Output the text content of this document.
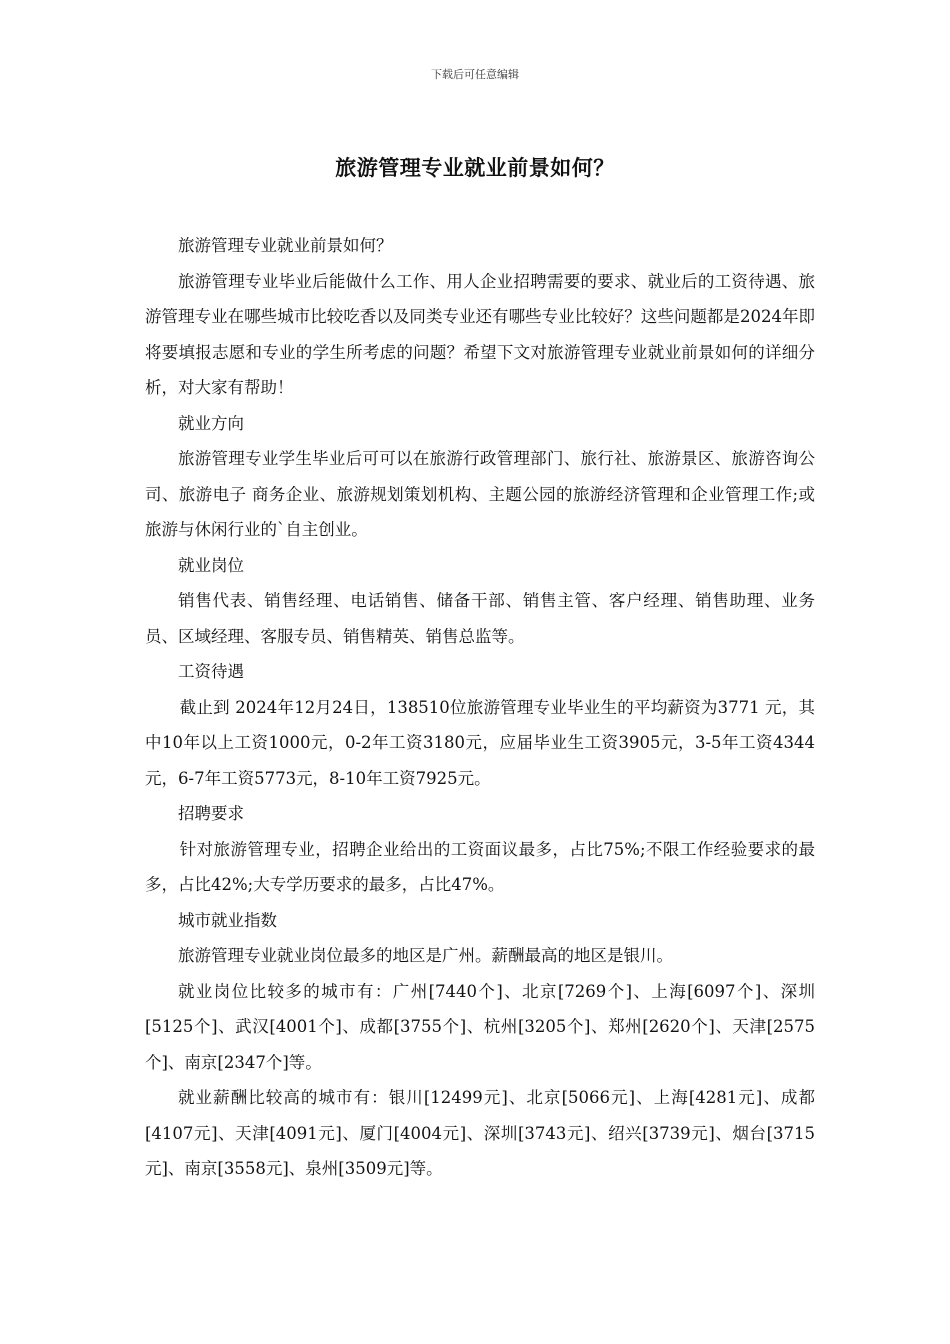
下载后可任意编辑
旅游管理专业就业前景如何？

旅游管理专业就业前景如何？

旅游管理专业毕业后能做什么工作、用人企业招聘需要的要求、就业后的工资待遇、旅游管理专业在哪些城市比较吃香以及同类专业还有哪些专业比较好？这些问题都是2024年即将要填报志愿和专业的学生所考虑的问题？希望下文对旅游管理专业就业前景如何的详细分析，对大家有帮助！

就业方向

旅游管理专业学生毕业后可可以在旅游行政管理部门、旅行社、旅游景区、旅游咨询公司、旅游电子 商务企业、旅游规划策划机构、主题公园的旅游经济管理和企业管理工作;或旅游与休闲行业的`自主创业。

就业岗位

销售代表、销售经理、电话销售、储备干部、销售主管、客户经理、销售助理、业务员、区域经理、客服专员、销售精英、销售总监等。

工资待遇

截止到 2024年12月24日，138510位旅游管理专业毕业生的平均薪资为3771 元，其中10年以上工资1000元，0-2年工资3180元，应届毕业生工资3905元，3-5年工资4344元，6-7年工资5773元，8-10年工资7925元。

招聘要求

针对旅游管理专业，招聘企业给出的工资面议最多，占比75%;不限工作经验要求的最多，占比42%;大专学历要求的最多，占比47%。

城市就业指数

旅游管理专业就业岗位最多的地区是广州。薪酬最高的地区是银川。

就业岗位比较多的城市有：广州[7440个]、北京[7269个]、上海[6097个]、深圳[5125个]、武汉[4001个]、成都[3755个]、杭州[3205个]、郑州[2620个]、天津[2575个]、南京[2347个]等。

就业薪酬比较高的城市有：银川[12499元]、北京[5066元]、上海[4281元]、成都[4107元]、天津[4091元]、厦门[4004元]、深圳[3743元]、绍兴[3739元]、烟台[3715元]、南京[3558元]、泉州[3509元]等。
